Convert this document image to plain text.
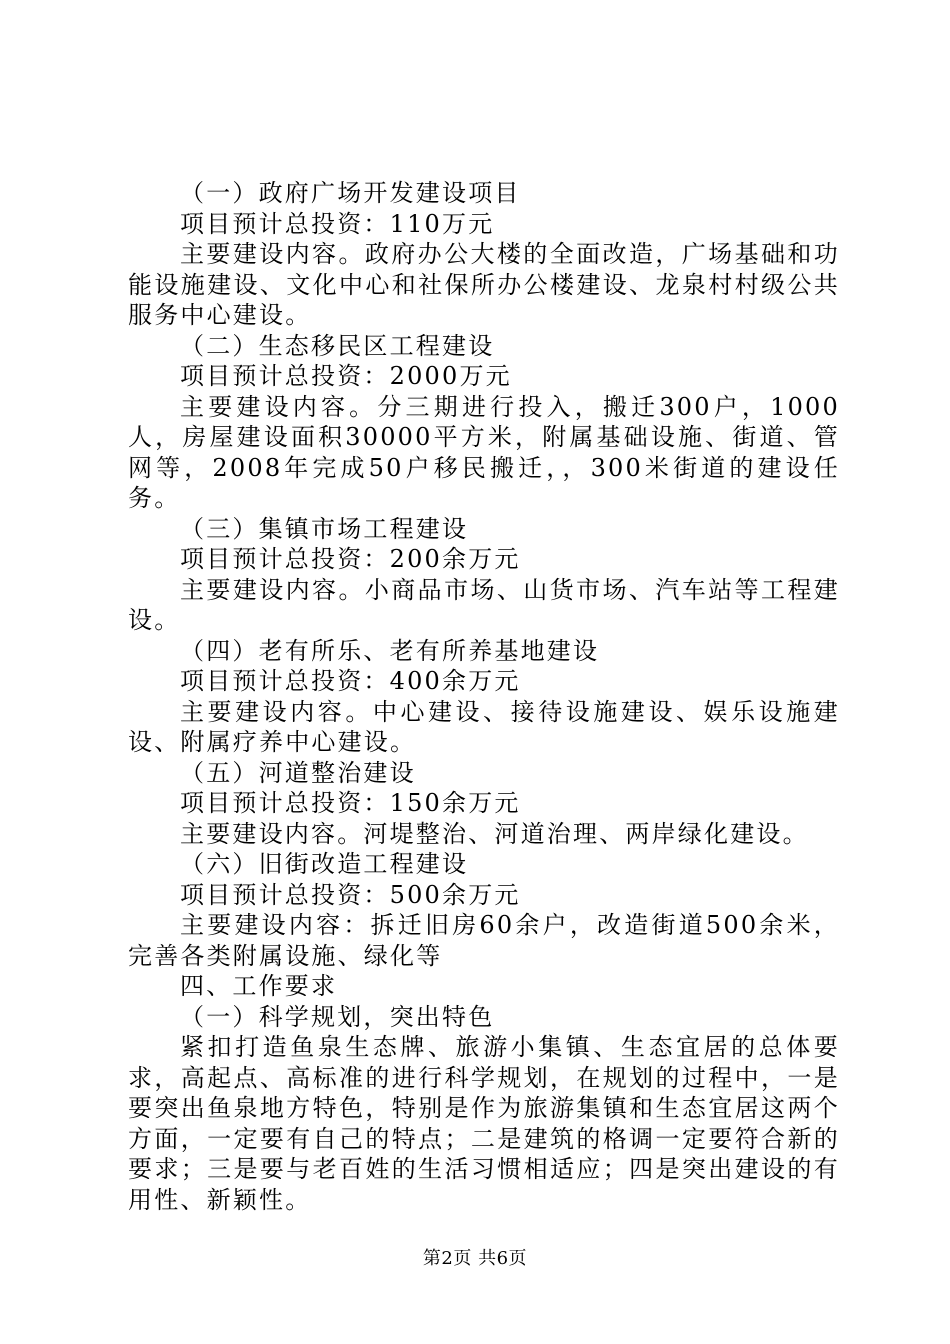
（一）政府广场开发建设项目

项目预计总投资：110万元

主要建设内容。政府办公大楼的全面改造，广场基础和功能设施建设、文化中心和社保所办公楼建设、龙泉村村级公共服务中心建设。

（二）生态移民区工程建设

项目预计总投资：2000万元

主要建设内容。分三期进行投入，搬迁300户，1000人，房屋建设面积30000平方米，附属基础设施、街道、管网等，2008年完成50户移民搬迁，，300米街道的建设任务。

（三）集镇市场工程建设

项目预计总投资：200余万元

主要建设内容。小商品市场、山货市场、汽车站等工程建设。

（四）老有所乐、老有所养基地建设

项目预计总投资：400余万元

主要建设内容。中心建设、接待设施建设、娱乐设施建设、附属疗养中心建设。

（五）河道整治建设

项目预计总投资：150余万元

主要建设内容。河堤整治、河道治理、两岸绿化建设。

（六）旧街改造工程建设

项目预计总投资：500余万元

主要建设内容：拆迁旧房60余户，改造街道500余米，完善各类附属设施、绿化等

四、工作要求

（一）科学规划，突出特色

紧扣打造鱼泉生态牌、旅游小集镇、生态宜居的总体要求，高起点、高标准的进行科学规划，在规划的过程中，一是要突出鱼泉地方特色，特别是作为旅游集镇和生态宜居这两个方面，一定要有自己的特点；二是建筑的格调一定要符合新的要求；三是要与老百姓的生活习惯相适应；四是突出建设的有用性、新颖性。

第2页 共6页
